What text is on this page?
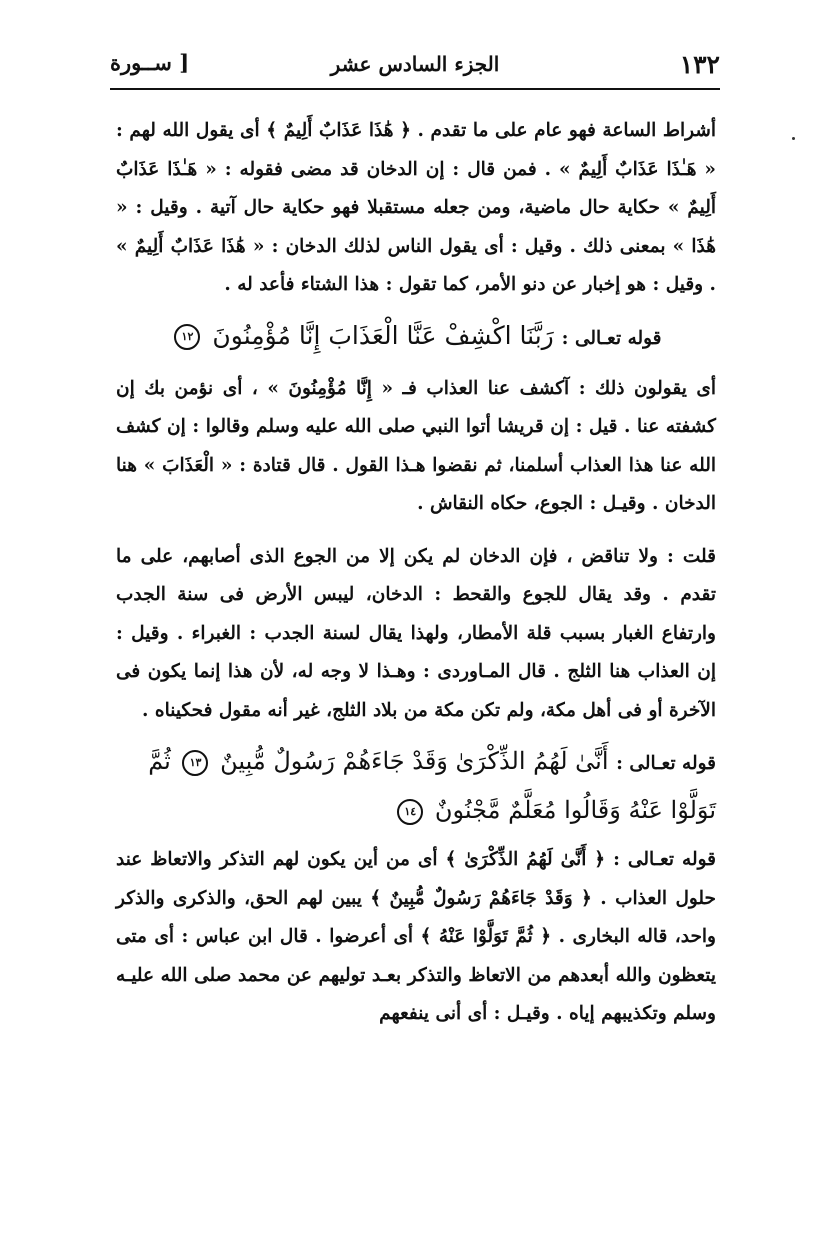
١٣٢
الجزء السادس عشر
[ ســورة

أشراط الساعة فهو عام على ما تقدم . ﴿ هَٰذَا عَذَابٌ أَلِيمٌ ﴾ أى يقول الله لهم : « هَـٰذَا عَذَابٌ أَلِيمٌ » . فمن قال : إن الدخان قد مضى فقوله : « هَـٰذَا عَذَابٌ أَلِيمٌ » حكاية حال ماضية، ومن جعله مستقبلا فهو حكاية حال آتية . وقيل : « هَٰذَا » بمعنى ذلك . وقيل : أى يقول الناس لذلك الدخان : « هَٰذَا عَذَابٌ أَلِيمٌ » . وقيل : هو إخبار عن دنو الأمر، كما تقول : هذا الشتاء فأعد له .

قوله تعـالى : رَبَّنَا اكْشِفْ عَنَّا الْعَذَابَ إِنَّا مُؤْمِنُونَ ١٢

أى يقولون ذلك : آكشف عنا العذاب فـ « إِنَّا مُؤْمِنُونَ » ، أى نؤمن بك إن كشفته عنا . قيل : إن قريشا أتوا النبي صلى الله عليه وسلم وقالوا : إن كشف الله عنا هذا العذاب أسلمنا، ثم نقضوا هـذا القول . قال قتادة : « الْعَذَابَ » هنا الدخان . وقيـل : الجوع، حكاه النقاش .

قلت : ولا تناقض ، فإن الدخان لم يكن إلا من الجوع الذى أصابهم، على ما تقدم . وقد يقال للجوع والقحط : الدخان، ليبس الأرض فى سنة الجدب وارتفاع الغبار بسبب قلة الأمطار، ولهذا يقال لسنة الجدب : الغبراء . وقيل : إن العذاب هنا الثلج . قال المـاوردى : وهـذا لا وجه له، لأن هذا إنما يكون فى الآخرة أو فى أهل مكة، ولم تكن مكة من بلاد الثلج، غير أنه مقول فحكيناه .

قوله تعـالى : أَنَّىٰ لَهُمُ الذِّكْرَىٰ وَقَدْ جَاءَهُمْ رَسُولٌ مُّبِينٌ ١٣ ثُمَّ تَوَلَّوْا عَنْهُ وَقَالُوا مُعَلَّمٌ مَّجْنُونٌ ١٤

قوله تعـالى : ﴿ أَنَّىٰ لَهُمُ الذِّكْرَىٰ ﴾ أى من أين يكون لهم التذكر والاتعاظ عند حلول العذاب . ﴿ وَقَدْ جَاءَهُمْ رَسُولٌ مُّبِينٌ ﴾ يبين لهم الحق، والذكرى والذكر واحد، قاله البخارى . ﴿ ثُمَّ تَوَلَّوْا عَنْهُ ﴾ أى أعرضوا . قال ابن عباس : أى متى يتعظون والله أبعدهم من الاتعاظ والتذكر بعـد توليهم عن محمد صلى الله عليـه وسلم وتكذيبهم إياه . وقيـل : أى أنى ينفعهم
